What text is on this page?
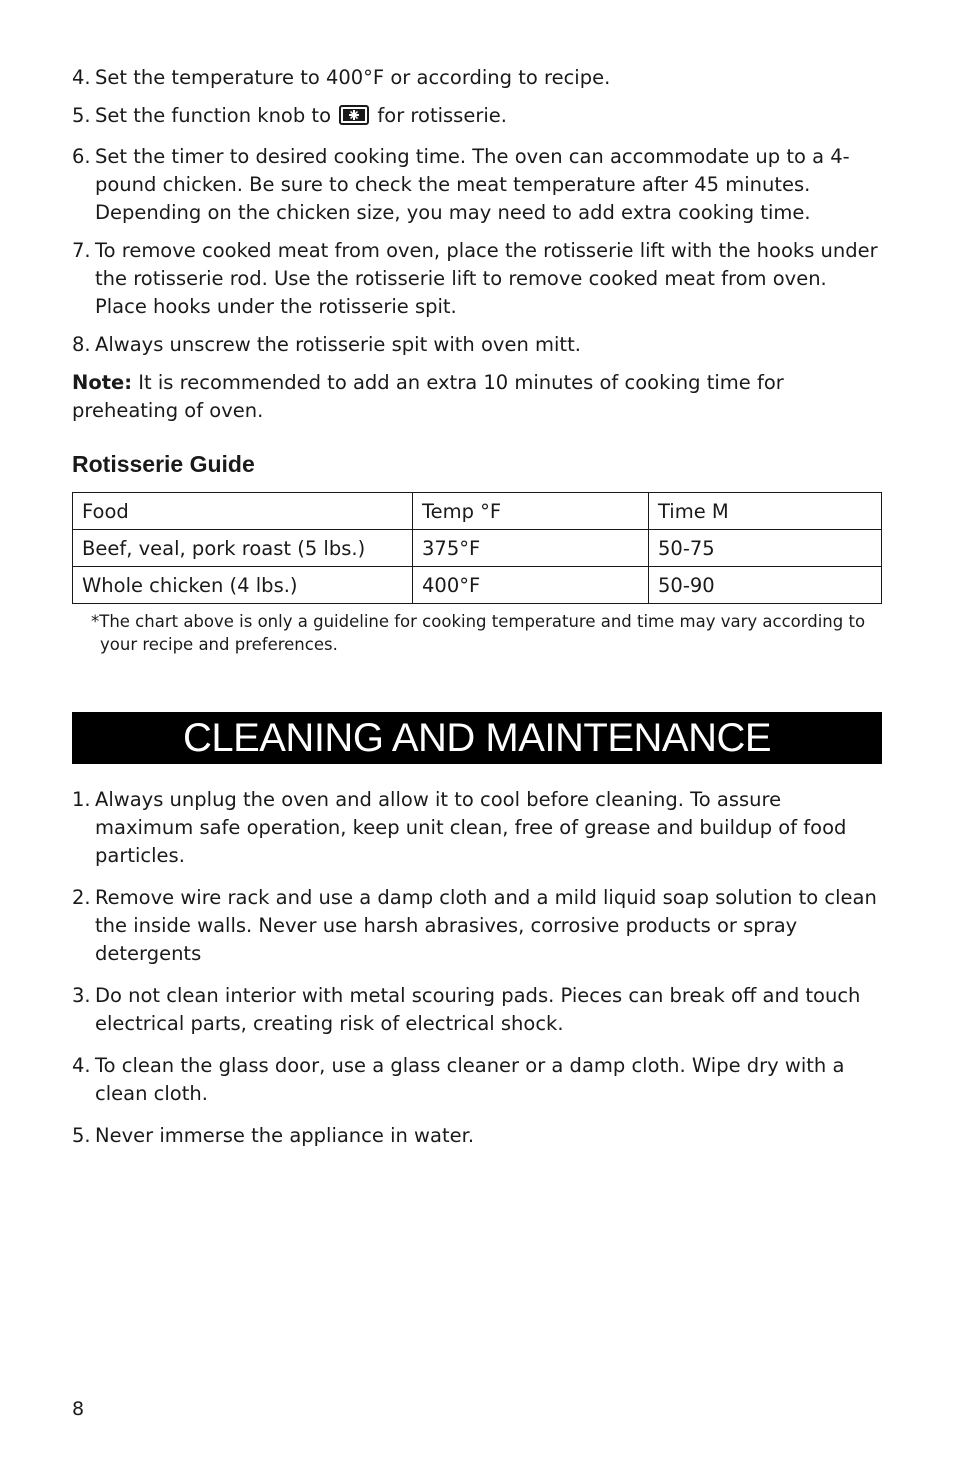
4. Set the temperature to 400°F or according to recipe.
5. Set the function knob to for rotisserie.
6. Set the timer to desired cooking time. The oven can accommodate up to a 4-pound chicken. Be sure to check the meat temperature after 45 minutes. Depending on the chicken size, you may need to add extra cooking time.
7. To remove cooked meat from oven, place the rotisserie lift with the hooks under the rotisserie rod. Use the rotisserie lift to remove cooked meat from oven. Place hooks under the rotisserie spit.
8. Always unscrew the rotisserie spit with oven mitt.

Note: It is recommended to add an extra 10 minutes of cooking time for preheating of oven.

Rotisserie Guide
Food	Temp °F	Time M
Beef, veal, pork roast (5 lbs.)	375°F	50-75
Whole chicken (4 lbs.)	400°F	50-90
*The chart above is only a guideline for cooking temperature and time may vary according to your recipe and preferences.
CLEANING AND MAINTENANCE
1. Always unplug the oven and allow it to cool before cleaning. To assure maximum safe operation, keep unit clean, free of grease and buildup of food particles.
2. Remove wire rack and use a damp cloth and a mild liquid soap solution to clean the inside walls. Never use harsh abrasives, corrosive products or spray detergents
3. Do not clean interior with metal scouring pads. Pieces can break off and touch electrical parts, creating risk of electrical shock.
4. To clean the glass door, use a glass cleaner or a damp cloth. Wipe dry with a clean cloth.
5. Never immerse the appliance in water.
8
